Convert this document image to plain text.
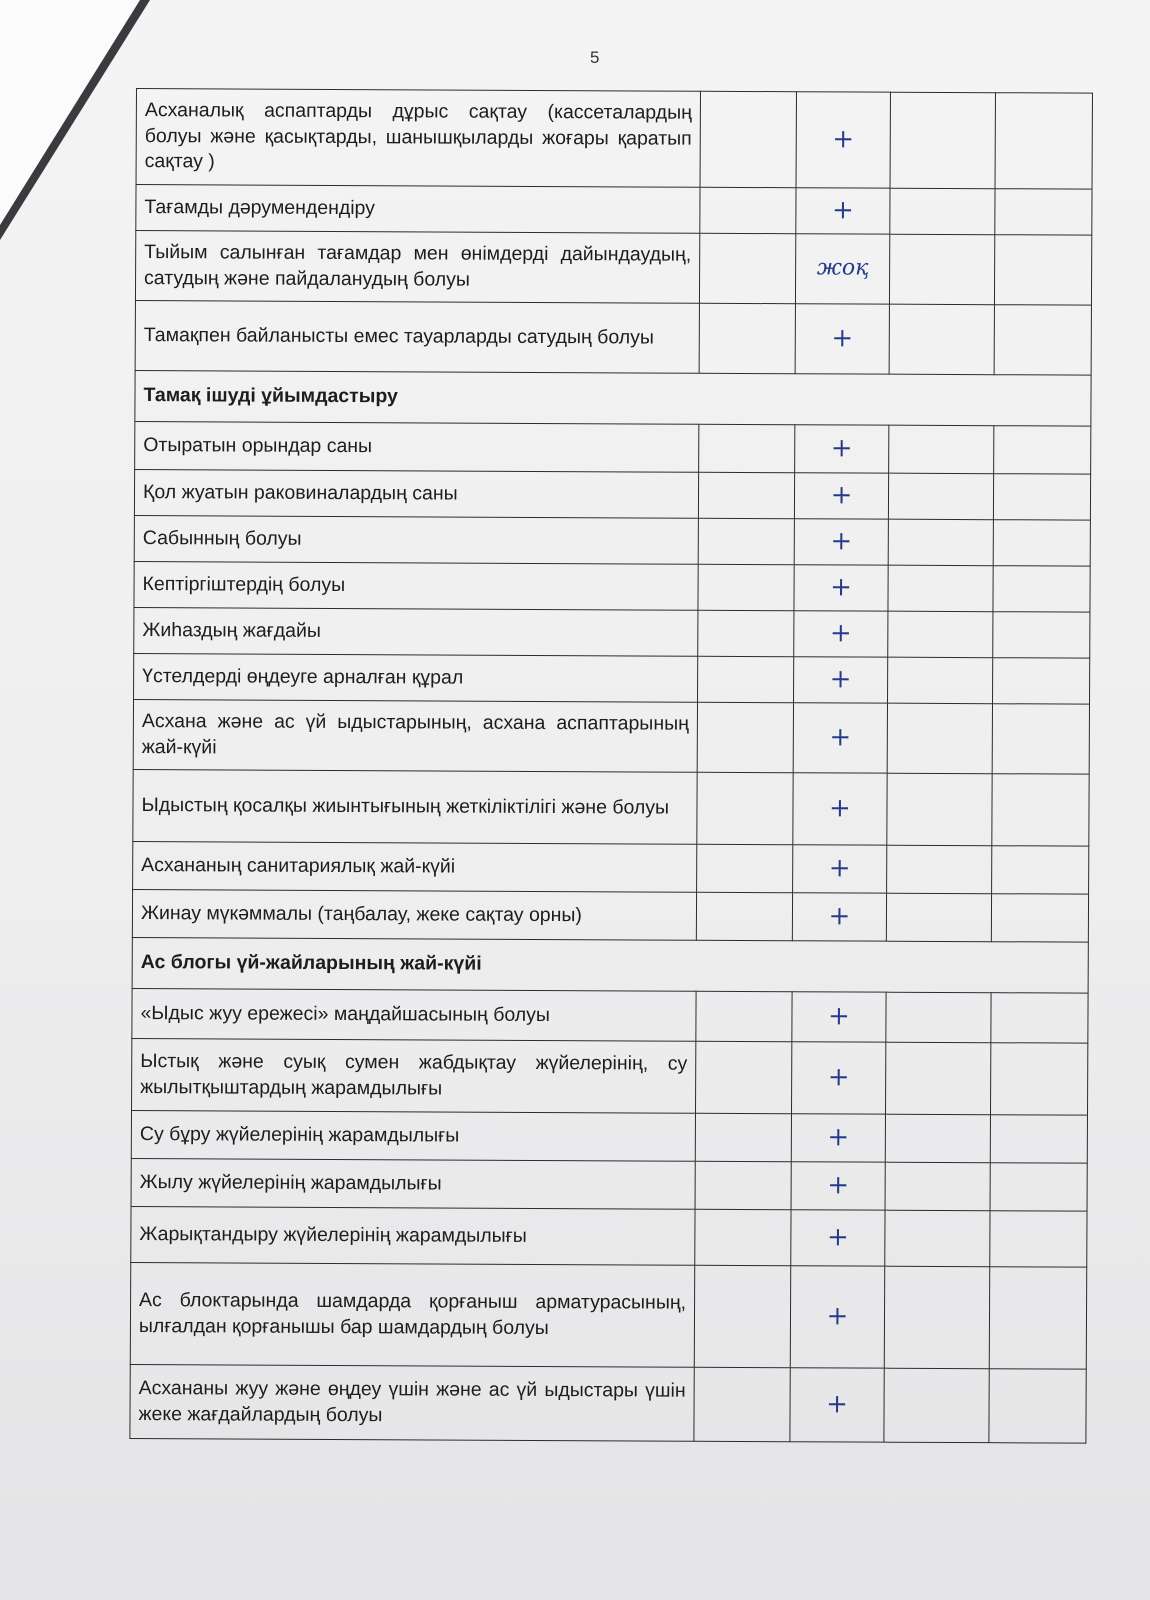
5
Асханалық аспаптарды дұрыс сақтау (кассеталардың болуы және қасықтарды, шанышқыларды жоғары қаратып сақтау )		+		
Тағамды дәрумендендіру		+		
Тыйым салынған тағамдар мен өнімдерді дайындаудың, сатудың және пайдаланудың болуы		жоқ		
Тамақпен байланысты емес тауарларды сатудың болуы		+		
Тамақ ішуді ұйымдастыру				
Отыратын орындар саны		+		
Қол жуатын раковиналардың саны		+		
Сабынның болуы		+		
Кептіргіштердің болуы		+		
Жиһаздың жағдайы		+		
Үстелдерді өңдеуге арналған құрал		+		
Асхана және ас үй ыдыстарының, асхана аспаптарының жай-күйі		+		
Ыдыстың қосалқы жиынтығының жеткіліктілігі және болуы		+		
Асхананың санитариялық жай-күйі		+		
Жинау мүкәммалы (таңбалау, жеке сақтау орны)		+		
Ас блогы үй-жайларының жай-күйі				
«Ыдыс жуу ережесі» маңдайшасының болуы		+		
Ыстық және суық сумен жабдықтау жүйелерінің, су жылытқыштардың жарамдылығы		+		
Су бұру жүйелерінің жарамдылығы		+		
Жылу жүйелерінің жарамдылығы		+		
Жарықтандыру жүйелерінің жарамдылығы		+		
Ас блоктарында шамдарда қорғаныш арматурасының, ылғалдан қорғанышы бар шамдардың болуы		+		
Асхананы жуу және өңдеу үшін және ас үй ыдыстары үшін жеке жағдайлардың болуы		+		
